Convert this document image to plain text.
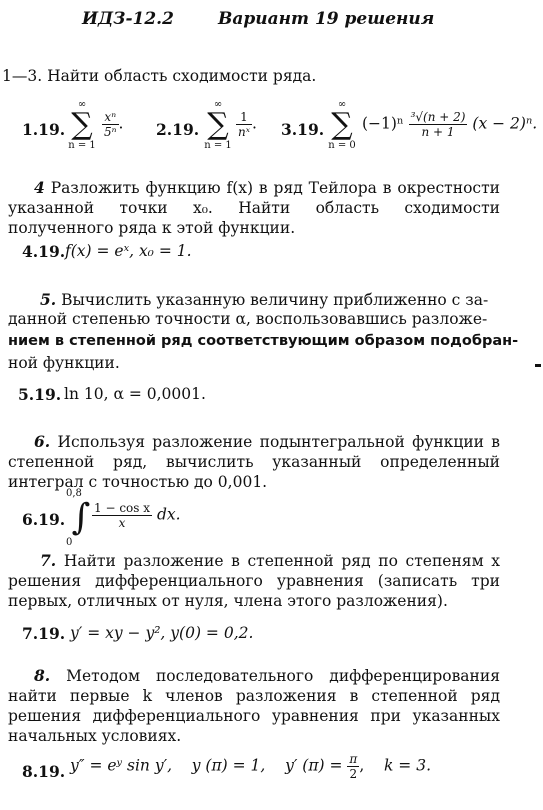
ИДЗ-12.2	Вариант 19 решения
1—3. Найти область сходимости ряда.
1.19.
∞
∑
n = 1
$\frac{\text{xⁿ}}{\text{5ⁿ}}$ . 2.19.
∞
∑
n = 1
$\frac{1}{\text{nˣ}}$ . 3.19.
∞
∑
n = 0
$(-1)^n \frac{\text{³√(n + 2)}}{n + 1} (x - 2)^n$.
4 Разложить функцию f(x) в ряд Тейлора в окрестности указанной точки x₀. Найти область сходимости полученного ряда к этой функции.
4.19. f(x) = eˣ, x₀ = 1.
5. Вычислить указанную величину приближенно с за-
данной степенью точности α, воспользовавшись разложе-
нием в степенной ряд соответствующим образом подобран-
ной функции.
5.19. ln 10, α = 0,0001.
6. Используя разложение подынтегральной функции в степенной ряд, вычислить указанный определенный интеграл с точностью до 0,001.
6.19.
0,8
∫
0
$\frac{\text{1 − cos x}}{x}$ dx.
7. Найти разложение в степенной ряд по степеням x решения дифференциального уравнения (записать три первых, отличных от нуля, члена этого разложения).
7.19. y′ = xy − y², y(0) = 0,2.
8. Методом последовательного дифференцирования найти первые k членов разложения в степенной ряд решения дифференциального уравнения при указанных начальных условиях.
8.19. y″ = eʸ sin y′, y (π) = 1, y′ $(\pi) = \frac{\pi}{2}$ , k = 3.
